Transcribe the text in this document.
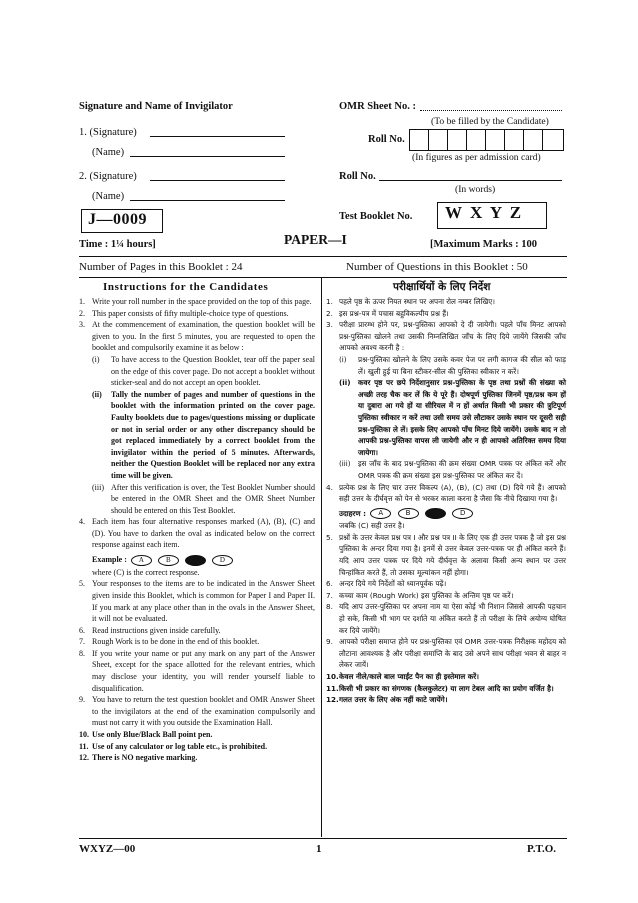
Signature and Name of Invigilator
1. (Signature)
(Name)
2. (Signature)
(Name)
OMR Sheet No. :
(To be filled by the Candidate)
Roll No.
(In figures as per admission card)
Roll No.
(In words)
J—0009	Test Booklet No. W X Y Z
Time : 1¼ hours]	PAPER—I	[Maximum Marks : 100
Number of Pages in this Booklet : 24	Number of Questions in this Booklet : 50
Instructions for the Candidates
1. Write your roll number in the space provided on the top of this page.
2. This paper consists of fifty multiple-choice type of questions.
3. At the commencement of examination, the question booklet will be given to you. In the first 5 minutes, you are requested to open the booklet and compulsorily examine it as below :
(i) To have access to the Question Booklet, tear off the paper seal on the edge of this cover page. Do not accept a booklet without sticker-seal and do not accept an open booklet.
(ii) Tally the number of pages and number of questions in the booklet with the information printed on the cover page. Faulty booklets due to pages/questions missing or duplicate or not in serial order or any other discrepancy should be got replaced immediately by a correct booklet from the invigilator within the period of 5 minutes. Afterwards, neither the Question Booklet will be replaced nor any extra time will be given.
(iii) After this verification is over, the Test Booklet Number should be entered in the OMR Sheet and the OMR Sheet Number should be entered on this Test Booklet.
4. Each item has four alternative responses marked (A), (B), (C) and (D). You have to darken the oval as indicated below on the correct response against each item.
Example : A	B	D
where (C) is the correct response.
5. Your responses to the items are to be indicated in the Answer Sheet given inside this Booklet, which is common for Paper I and Paper II. If you mark at any place other than in the ovals in the Answer Sheet, it will not be evaluated.
6. Read instructions given inside carefully.
7. Rough Work is to be done in the end of this booklet.
8. If you write your name or put any mark on any part of the Answer Sheet, except for the space allotted for the relevant entries, which may disclose your identity, you will render yourself liable to disqualification.
9. You have to return the test question booklet and OMR Answer Sheet to the invigilators at the end of the examination compulsorily and must not carry it with you outside the Examination Hall.
10. Use only Blue/Black Ball point pen.
11. Use of any calculator or log table etc., is prohibited.
12. There is NO negative marking.
परीक्षार्थियों के लिए निर्देश
1. पहले पृष्ठ के ऊपर नियत स्थान पर अपना रोल नम्बर लिखिए।
2. इस प्रश्न-पत्र में पचास बहुविकल्पीय प्रश्न हैं।
3. परीक्षा प्रारम्भ होने पर, प्रश्न-पुस्तिका आपको दे दी जायेगी। पहले पाँच मिनट आपको प्रश्न-पुस्तिका खोलने तथा उसकी निम्नलिखित जाँच के लिए दिये जायेंगे जिसकी जाँच आपको अवश्य करनी है :
(i) प्रश्न-पुस्तिका खोलने के लिए उसके कवर पेज पर लगी कागज की सील को फाड़ लें। खुली हुई या बिना स्टीकर-सील की पुस्तिका स्वीकार न करें।
(ii) कवर पृष्ठ पर छपे निर्देशानुसार प्रश्न-पुस्तिका के पृष्ठ तथा प्रश्नों की संख्या को अच्छी तरह चैक कर लें कि ये पूरे हैं। दोषपूर्ण पुस्तिका जिनमें पृष्ठ/प्रश्न कम हों या दुबारा आ गये हों या सीरियल में न हों अर्थात किसी भी प्रकार की त्रुटिपूर्ण पुस्तिका स्वीकार न करें तथा उसी समय उसे लौटाकर उसके स्थान पर दूसरी सही प्रश्न-पुस्तिका ले लें। इसके लिए आपको पाँच मिनट दिये जायेंगे। उसके बाद न तो आपकी प्रश्न-पुस्तिका वापस ली जायेगी और न ही आपको अतिरिक्त समय दिया जायेगा।
(iii) इस जाँच के बाद प्रश्न-पुस्तिका की क्रम संख्या OMR पत्रक पर अंकित करें और OMR पत्रक की क्रम संख्या इस प्रश्न-पुस्तिका पर अंकित कर दें।
4. प्रत्येक प्रश्न के लिए चार उत्तर विकल्प (A), (B), (C) तथा (D) दिये गये हैं। आपको सही उत्तर के दीर्घवृत्त को पेन से भरकर काला करना है जैसा कि नीचे दिखाया गया है।
उदाहरण : A	B	D
जबकि (C) सही उत्तर है।
5. प्रश्नों के उत्तर केवल प्रश्न पत्र I और प्रश्न पत्र II के लिए एक ही उत्तर पत्रक है जो इस प्रश्न पुस्तिका के अन्दर दिया गया है। इनमें से उत्तर केवल उत्तर-पत्रक पर ही अंकित करने हैं। यदि आप उत्तर पत्रक पर दिये गये दीर्घवृत्त के अलावा किसी अन्य स्थान पर उत्तर चिन्हांकित करते हैं, तो उसका मूल्यांकन नहीं होगा।
6. अन्दर दिये गये निर्देशों को ध्यानपूर्वक पढ़ें।
7. कच्चा काम (Rough Work) इस पुस्तिका के अन्तिम पृष्ठ पर करें।
8. यदि आप उत्तर-पुस्तिका पर अपना नाम या ऐसा कोई भी निशान जिससे आपकी पहचान हो सके, किसी भी भाग पर दर्शाते या अंकित करते हैं तो परीक्षा के लिये अयोग्य घोषित कर दिये जायेंगे।
9. आपको परीक्षा समाप्त होने पर प्रश्न-पुस्तिका एवं OMR उत्तर-पत्रक निरीक्षक महोदय को लौटाना आवश्यक है और परीक्षा समाप्ति के बाद उसे अपने साथ परीक्षा भवन से बाहर न लेकर जायें।
10. केवल नीले/काले बाल प्वाईंट पैन का ही इस्तेमाल करें।
11. किसी भी प्रकार का संगणक (कैलकुलेटर) या लाग टेबल आदि का प्रयोग वर्जित है।
12. गलत उत्तर के लिए अंक नहीं काटे जायेंगे।
WXYZ—00	1	P.T.O.
